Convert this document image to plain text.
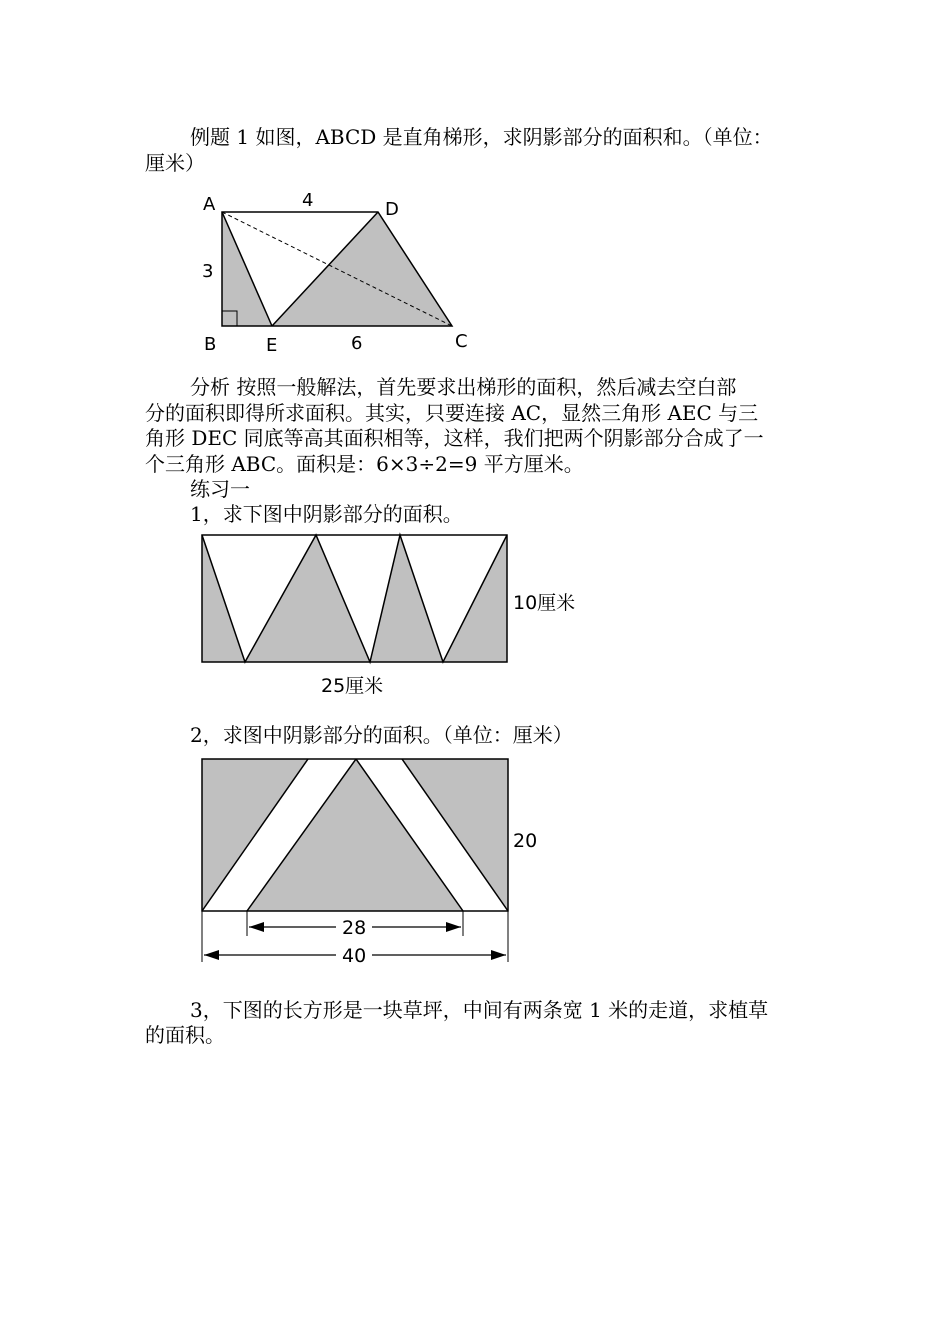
例题 1 如图，ABCD 是直角梯形，求阴影部分的面积和。（单位：
厘米）
A	D
4
3
B	E	6	C
分析 按照一般解法，首先要求出梯形的面积，然后减去空白部
分的面积即得所求面积。其实，只要连接 AC，显然三角形 AEC 与三
角形 DEC 同底等高其面积相等，这样，我们把两个阴影部分合成了一
个三角形 ABC。面积是：6×3÷2=9 平方厘米。
练习一
1，求下图中阴影部分的面积。
10厘米
25厘米
2，求图中阴影部分的面积。（单位：厘米）
20
28
40
3，下图的长方形是一块草坪，中间有两条宽 1 米的走道，求植草
的面积。
